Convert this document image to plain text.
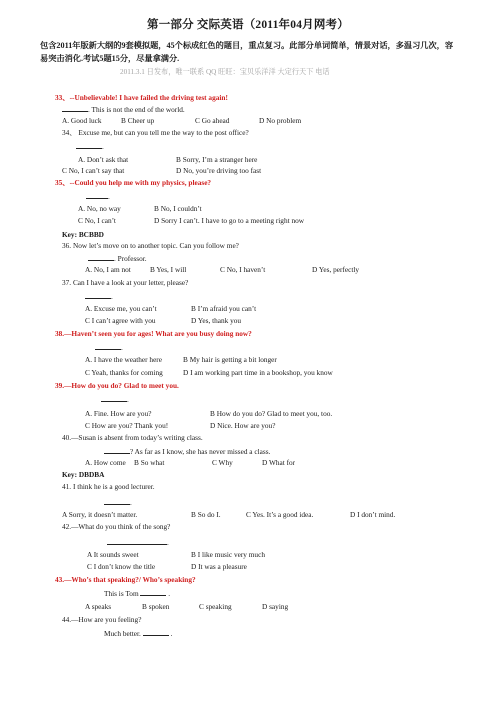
第一部分 交际英语（2011年04月网考）
包含2011年版新大纲的9套模拟题，45个标成红色的题目，重点复习。此部分单词简单，情景对话，多温习几次，容易突击消化.考试5题15分，尽量拿满分.
2011.3.1 日发布，唯一联系 QQ 旺旺：宝贝乐洋洋 大定行天下 电话
33、--Unbelievable! I have failed the driving test again!
. This is not the end of the world.
A. Good luck	B Cheer up	C Go ahead	D No problem
34、 Excuse me, but can you tell me the way to the post office?
.
A. Don’t ask that	B Sorry, I’m a stranger here
C No, I can’t say that	D No, you’re driving too fast
35、--Could you help me with my physics, please?
.
A. No, no way	B No, I couldn’t
C No, I can’t	D Sorry I can’t. I have to go to a meeting right now
Key: BCBBD
36. Now let’s move on to another topic. Can you follow me?
. Professor.
A. No, I am not	B Yes, I will	C No, I haven’t	D Yes, perfectly
37. Can I have a look at your letter, please?
.
A. Excuse me, you can’t	B I’m afraid you can’t
C I can’t agree with you	D Yes, thank you
38.—Haven’t seen you for ages! What are you busy doing now?
.
A. I have the weather here	B My hair is getting a bit longer
C Yeah, thanks for coming	D I am working part time in a bookshop, you know
39.—How do you do? Glad to meet you.
.
A. Fine. How are you?	B How do you do? Glad to meet you, too.
C How are you? Thank you!	D Nice. How are you?
40.—Susan is absent from today’s writing class.
? As far as I know, she has never missed a class.
A. How come B So what	C Why	D What for
Key: DBDBA
41. I think he is a good lecturer.
.
A Sorry, it doesn’t matter.	B So do I.	C Yes. It’s a good idea.	D I don’t mind.
42.—What do you think of the song?
.
A It sounds sweet	B I like music very much
C I don’t know the title	D It was a pleasure
43.—Who’s that speaking?/ Who’s speaking?
This is Tom	.
A speaks	B spoken	C speaking	D saying
44.—How are you feeling?
Much better.	.
